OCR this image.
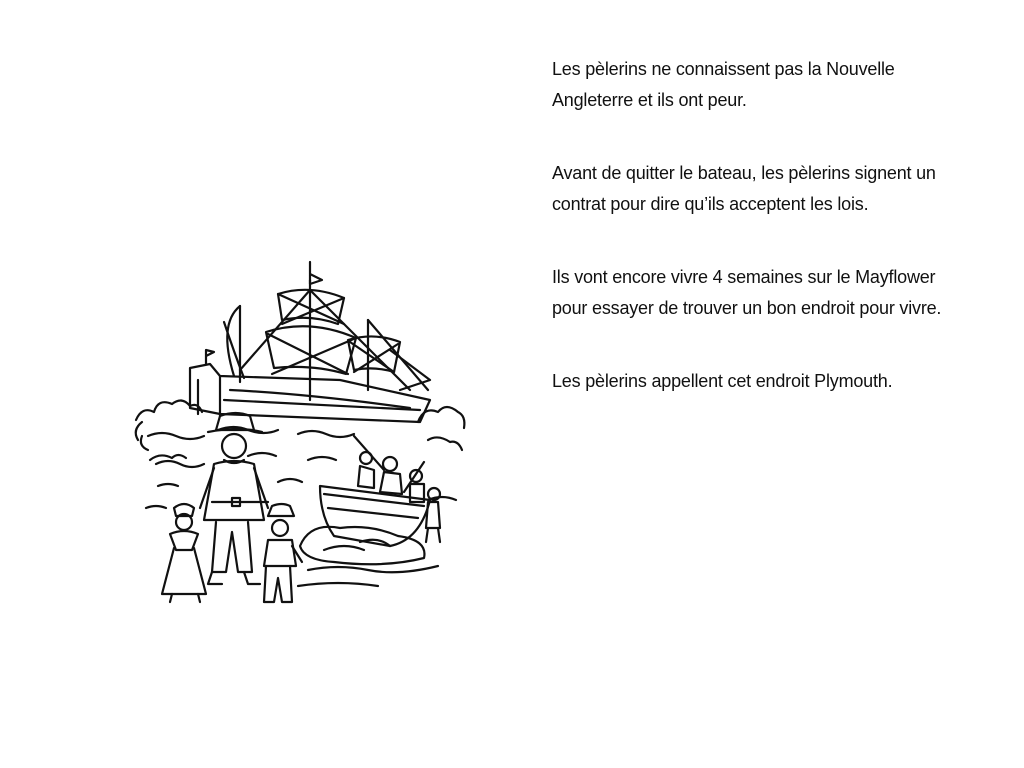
Les pèlerins ne connaissent pas la Nouvelle Angleterre et ils ont peur.

Avant de quitter le bateau, les pèlerins signent un contrat pour dire qu’ils acceptent les lois.

Ils vont encore vivre 4 semaines sur le Mayflower pour essayer de trouver un bon endroit pour vivre.

Les pèlerins appellent cet endroit Plymouth.
